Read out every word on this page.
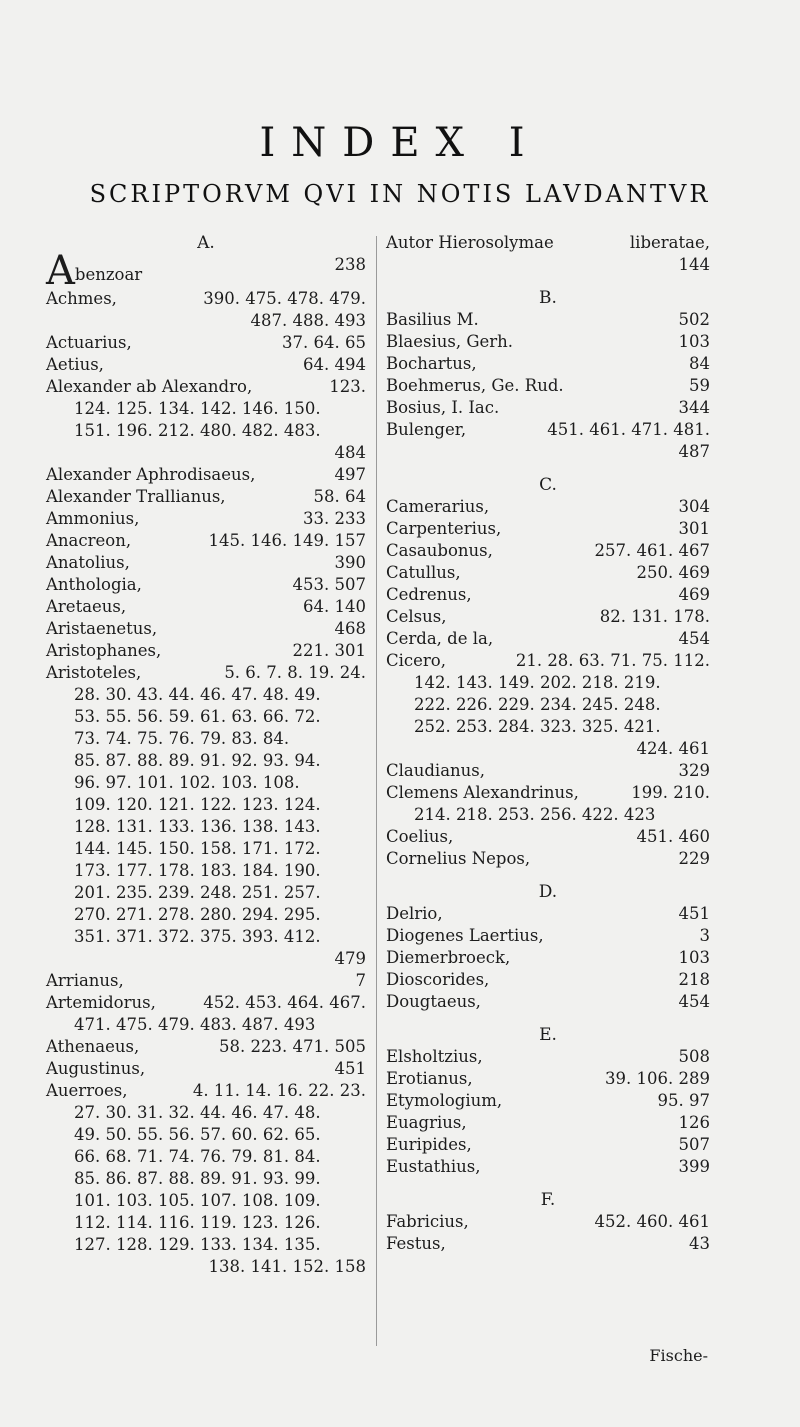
INDEX I
SCRIPTORVM QVI IN NOTIS LAVDANTVR
A.
Abenzoar
238
Achmes,	390. 475. 478. 479.
487. 488. 493
Actuarius,	37. 64. 65
Aetius,	64. 494
Alexander ab Alexandro,	123.
124. 125. 134. 142. 146. 150.
151. 196. 212. 480. 482. 483.
484
Alexander Aphrodisaeus,	497
Alexander Trallianus,	58. 64
Ammonius,	33. 233
Anacreon,	145. 146. 149. 157
Anatolius,	390
Anthologia,	453. 507
Aretaeus,	64. 140
Aristaenetus,	468
Aristophanes,	221. 301
Aristoteles,	5. 6. 7. 8. 19. 24.
28. 30. 43. 44. 46. 47. 48. 49.
53. 55. 56. 59. 61. 63. 66. 72.
73. 74. 75. 76. 79. 83. 84.
85. 87. 88. 89. 91. 92. 93. 94.
96. 97. 101. 102. 103. 108.
109. 120. 121. 122. 123. 124.
128. 131. 133. 136. 138. 143.
144. 145. 150. 158. 171. 172.
173. 177. 178. 183. 184. 190.
201. 235. 239. 248. 251. 257.
270. 271. 278. 280. 294. 295.
351. 371. 372. 375. 393. 412.
479
Arrianus,	7
Artemidorus,	452. 453. 464. 467.
471. 475. 479. 483. 487. 493
Athenaeus,	58. 223. 471. 505
Augustinus,	451
Auerroes,	4. 11. 14. 16. 22. 23.
27. 30. 31. 32. 44. 46. 47. 48.
49. 50. 55. 56. 57. 60. 62. 65.
66. 68. 71. 74. 76. 79. 81. 84.
85. 86. 87. 88. 89. 91. 93. 99.
101. 103. 105. 107. 108. 109.
112. 114. 116. 119. 123. 126.
127. 128. 129. 133. 134. 135.
138. 141. 152. 158
Autor Hierosolymae	liberatae,
144
B.
Basilius M.	502
Blaesius, Gerh.	103
Bochartus,	84
Boehmerus, Ge. Rud.	59
Bosius, I. Iac.	344
Bulenger,	451. 461. 471. 481.
487
C.
Camerarius,	304
Carpenterius,	301
Casaubonus,	257. 461. 467
Catullus,	250. 469
Cedrenus,	469
Celsus,	82. 131. 178.
Cerda, de la,	454
Cicero,	21. 28. 63. 71. 75. 112.
142. 143. 149. 202. 218. 219.
222. 226. 229. 234. 245. 248.
252. 253. 284. 323. 325. 421.
424. 461
Claudianus,	329
Clemens Alexandrinus,	199. 210.
214. 218. 253. 256. 422. 423
Coelius,	451. 460
Cornelius Nepos,	229
D.
Delrio,	451
Diogenes Laertius,	3
Diemerbroeck,	103
Dioscorides,	218
Dougtaeus,	454
E.
Elsholtzius,	508
Erotianus,	39. 106. 289
Etymologium,	95. 97
Euagrius,	126
Euripides,	507
Eustathius,	399
F.
Fabricius,	452. 460. 461
Festus,	43
Fische-
